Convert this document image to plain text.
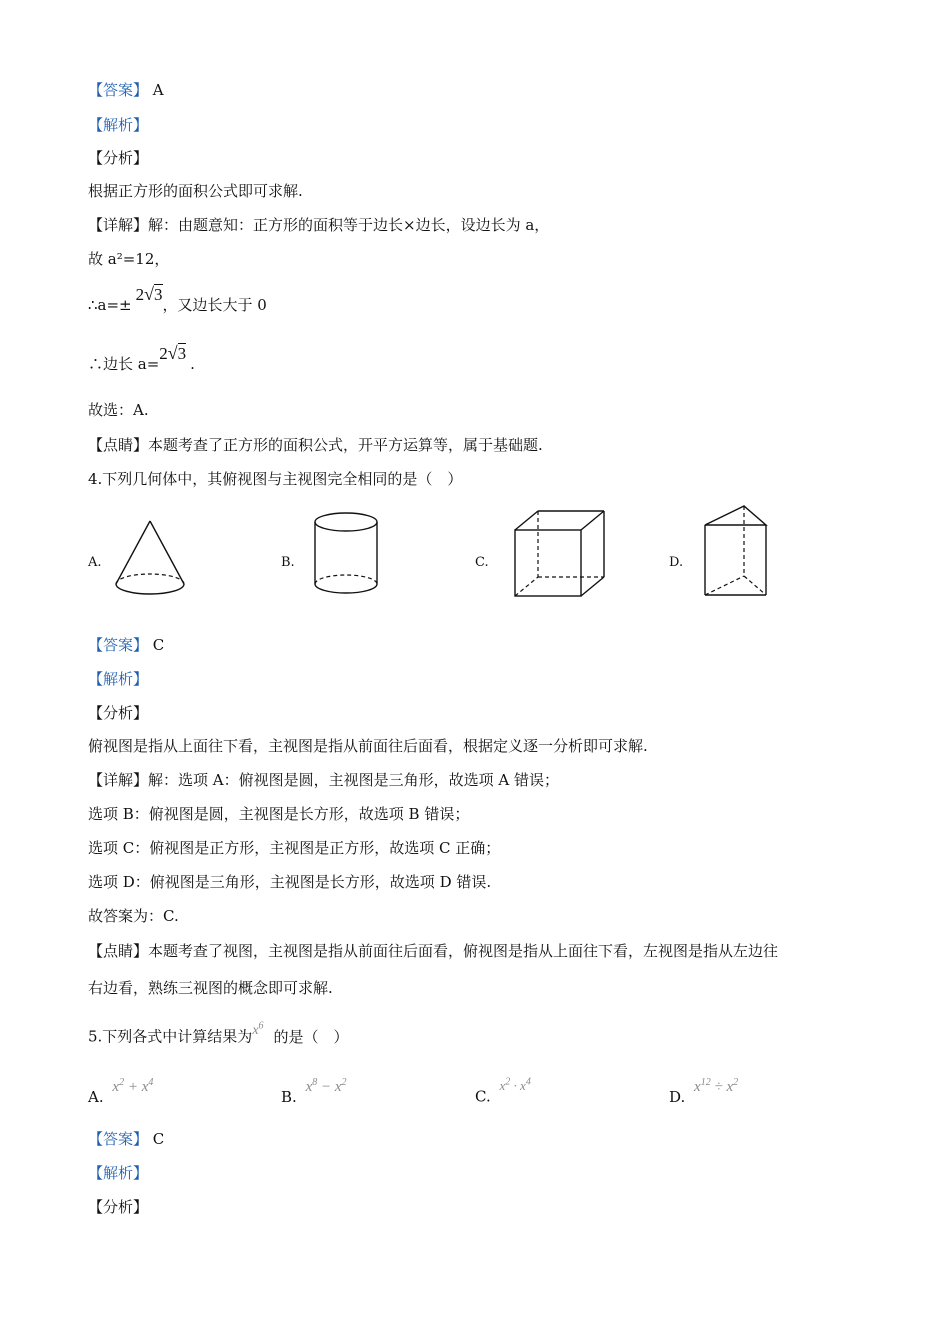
【答案】 A
【解析】
【分析】
根据正方形的面积公式即可求解.
【详解】解：由题意知：正方形的面积等于边长×边长，设边长为 a，
故 a²=12，
∴a=±2√3，又边长大于 0
∴边长 a=2√3.
故选：A.
【点睛】本题考查了正方形的面积公式，开平方运算等，属于基础题.
4.下列几何体中，其俯视图与主视图完全相同的是（　）
A.	B.	C.	D.
【答案】 C
【解析】
【分析】
俯视图是指从上面往下看，主视图是指从前面往后面看，根据定义逐一分析即可求解.
【详解】解：选项 A：俯视图是圆，主视图是三角形，故选项 A 错误；
选项 B：俯视图是圆，主视图是长方形，故选项 B 错误；
选项 C：俯视图是正方形，主视图是正方形，故选项 C 正确；
选项 D：俯视图是三角形，主视图是长方形，故选项 D 错误.
故答案为：C.
【点睛】本题考查了视图，主视图是指从前面往后面看，俯视图是指从上面往下看，左视图是指从左边往
右边看，熟练三视图的概念即可求解.
5.下列各式中计算结果为$x^6$的是（　）
A. $x^2 + x^4$
B. $x^8 - x^2$
C. $x^2 \cdot x^4$
D. $x^{12} \div x^2$
【答案】 C
【解析】
【分析】
